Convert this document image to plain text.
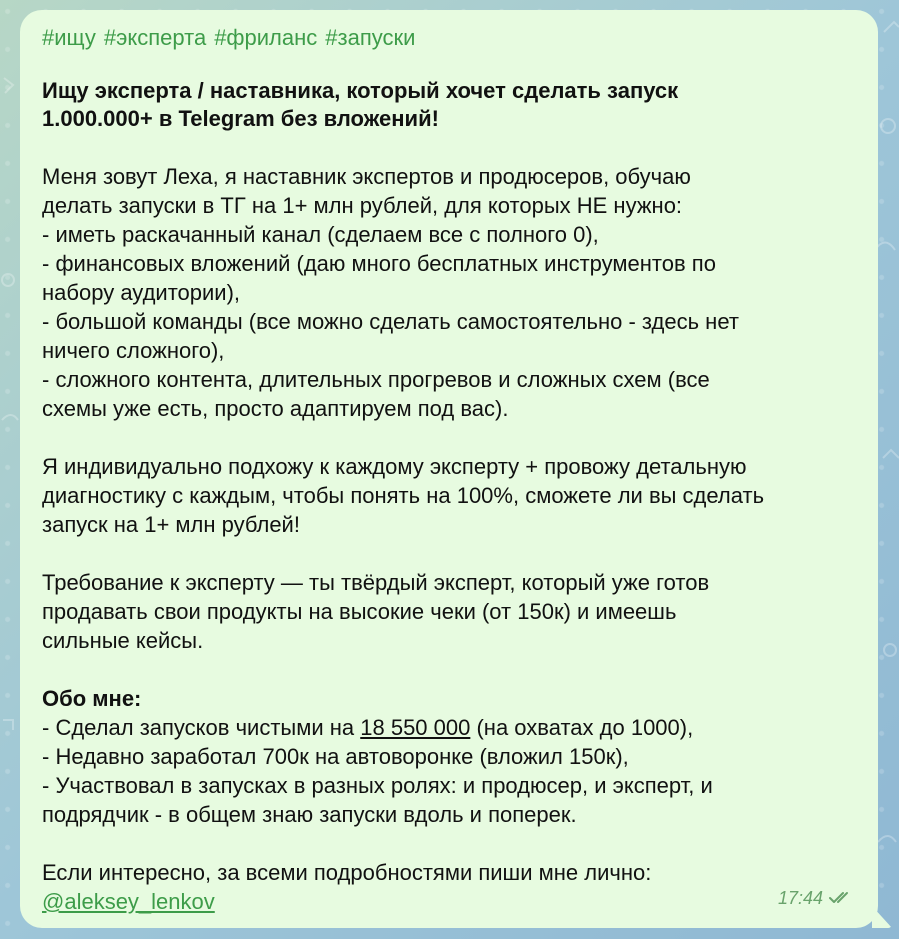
#ищу #эксперта #фриланс #запуски
Ищу эксперта / наставника, который хочет сделать запуск
1.000.000+ в Telegram без вложений!
Меня зовут Леха, я наставник экспертов и продюсеров, обучаю
делать запуски в ТГ на 1+ млн рублей, для которых НЕ нужно:
- иметь раскачанный канал (сделаем все с полного 0),
- финансовых вложений (даю много бесплатных инструментов по
набору аудитории),
- большой команды (все можно сделать самостоятельно - здесь нет
ничего сложного),
- сложного контента, длительных прогревов и сложных схем (все
схемы уже есть, просто адаптируем под вас).
Я индивидуально подхожу к каждому эксперту + провожу детальную
диагностику с каждым, чтобы понять на 100%, сможете ли вы сделать
запуск на 1+ млн рублей!
Требование к эксперту — ты твёрдый эксперт, который уже готов
продавать свои продукты на высокие чеки (от 150к) и имеешь
сильные кейсы.
Обо мне:
- Сделал запусков чистыми на 18 550 000 (на охватах до 1000),
- Недавно заработал 700к на автоворонке (вложил 150к),
- Участвовал в запусках в разных ролях: и продюсер, и эксперт, и
подрядчик - в общем знаю запуски вдоль и поперек.
Если интересно, за всеми подробностями пиши мне лично:
@aleksey_lenkov	17:44
